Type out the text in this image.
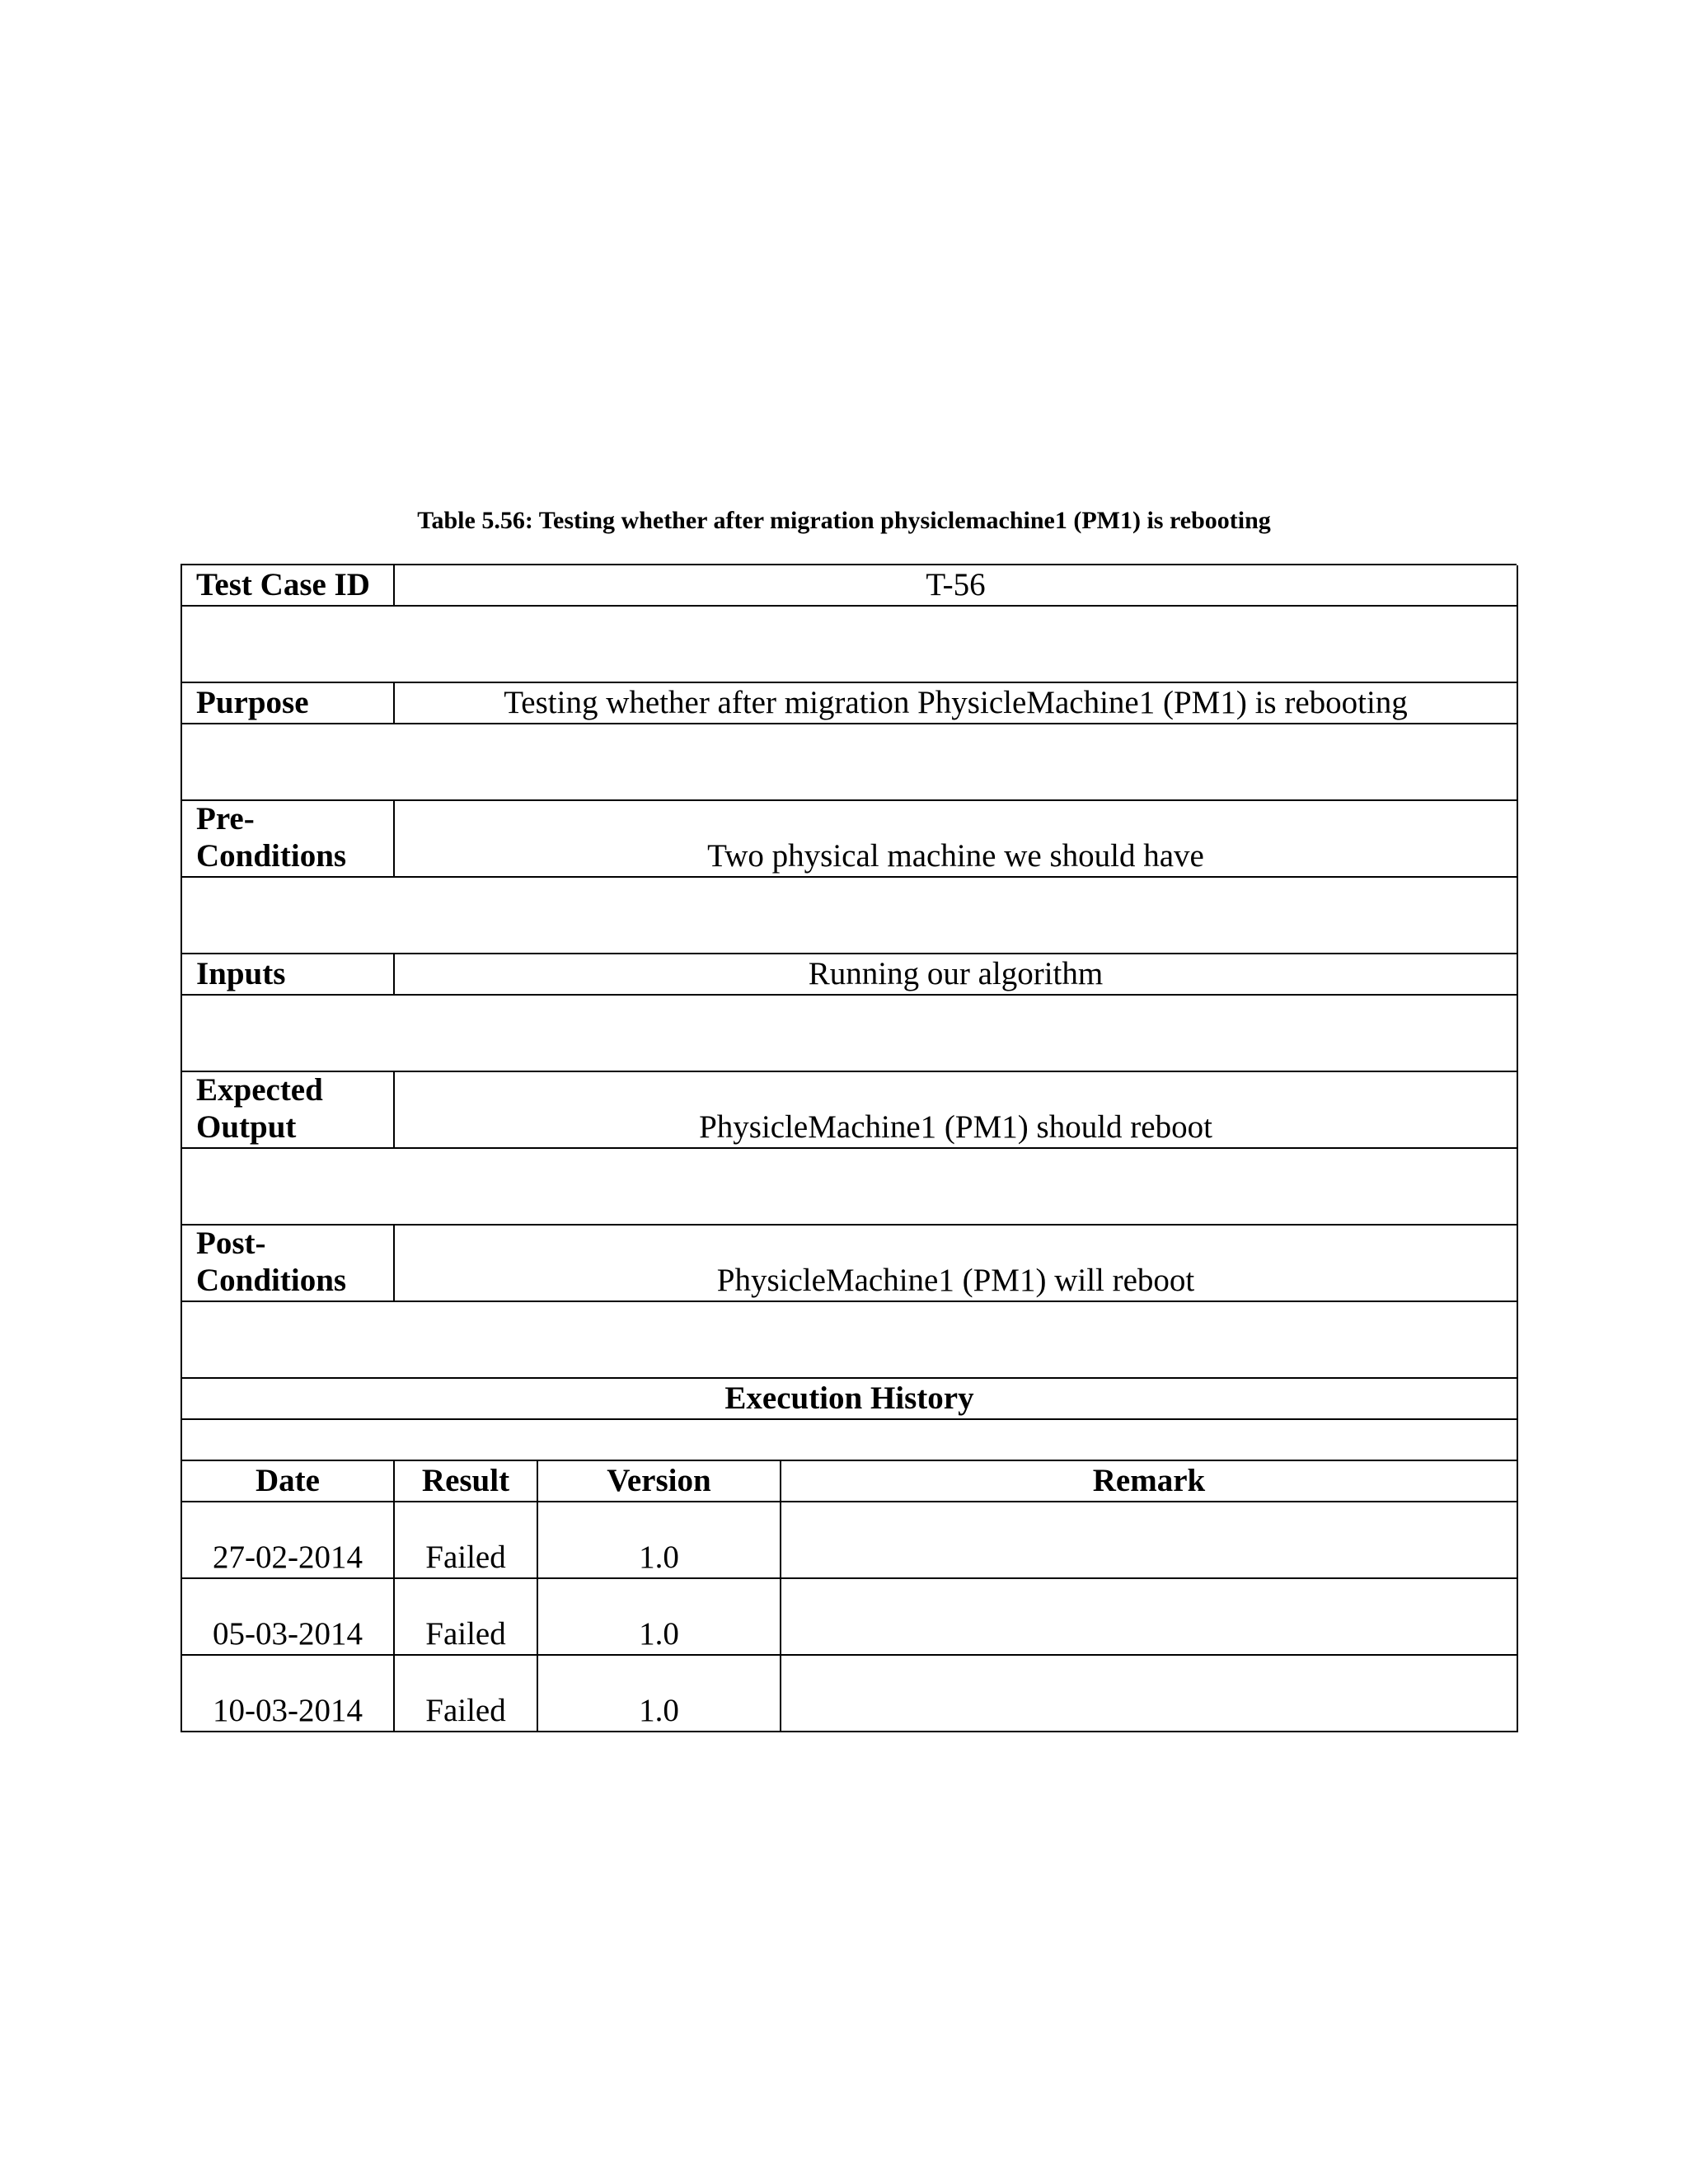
Table 5.56: Testing whether after migration physiclemachine1 (PM1) is rebooting
Test Case ID	T-56
Purpose	Testing whether after migration PhysicleMachine1 (PM1) is rebooting
Pre-
Conditions	Two physical machine we should have
Inputs	Running our algorithm
Expected
Output	PhysicleMachine1 (PM1) should reboot
Post-
Conditions	PhysicleMachine1 (PM1) will reboot
Execution History
Date	Result	Version	Remark
27-02-2014	Failed	1.0

05-03-2014	Failed	1.0

10-03-2014	Failed	1.0
